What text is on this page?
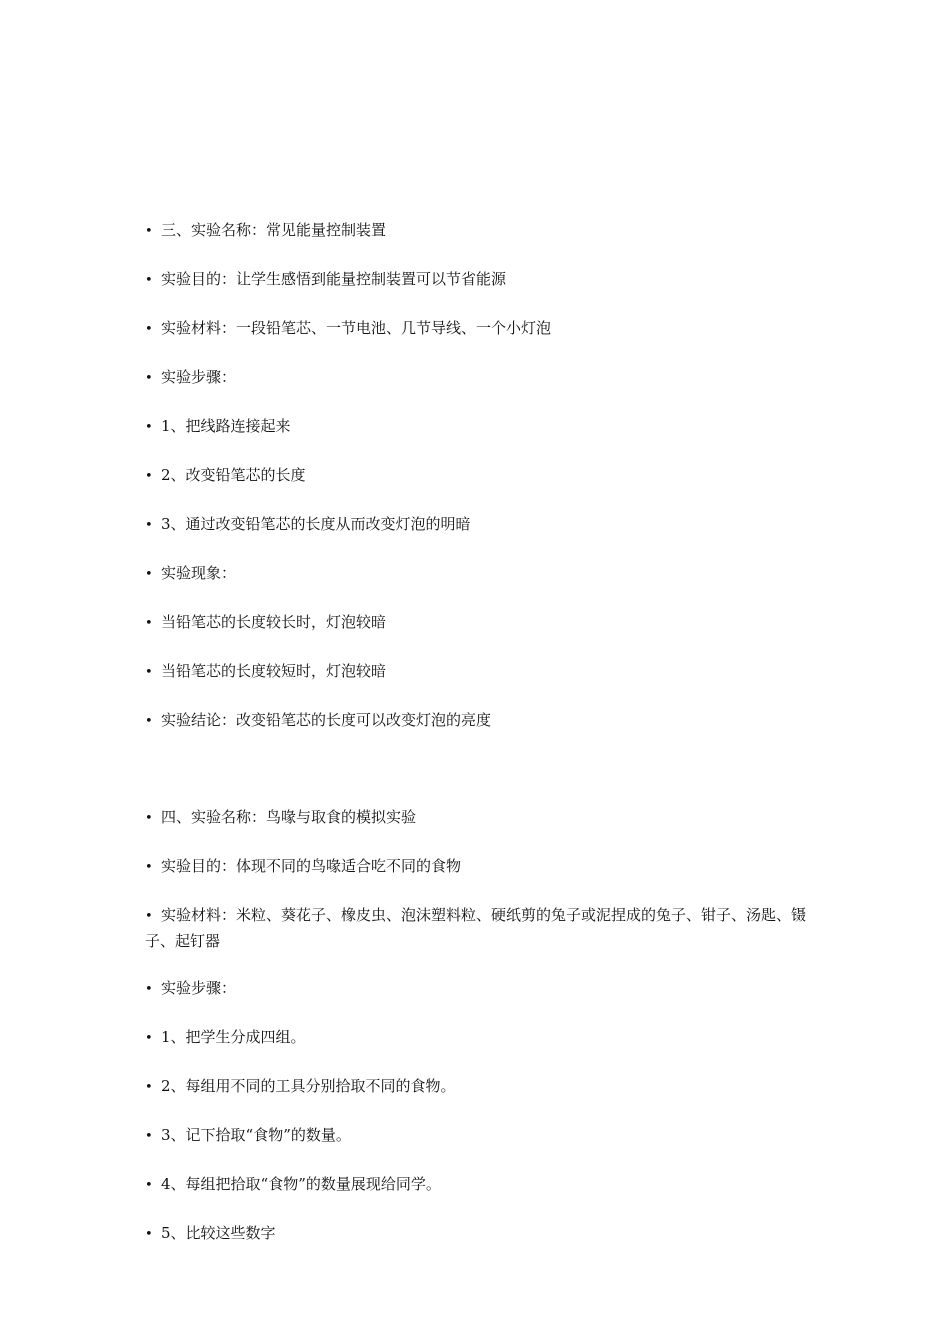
• 三、实验名称：常见能量控制装置

• 实验目的：让学生感悟到能量控制装置可以节省能源

• 实验材料：一段铅笔芯、一节电池、几节导线、一个小灯泡

• 实验步骤：

• 1、把线路连接起来

• 2、改变铅笔芯的长度

• 3、通过改变铅笔芯的长度从而改变灯泡的明暗

• 实验现象：

• 当铅笔芯的长度较长时，灯泡较暗

• 当铅笔芯的长度较短时，灯泡较暗

• 实验结论：改变铅笔芯的长度可以改变灯泡的亮度

• 四、实验名称：鸟喙与取食的模拟实验

• 实验目的：体现不同的鸟喙适合吃不同的食物

• 实验材料：米粒、葵花子、橡皮虫、泡沫塑料粒、硬纸剪的兔子或泥捏成的兔子、钳子、汤匙、镊子、起钉器

• 实验步骤：

• 1、把学生分成四组。

• 2、每组用不同的工具分别拾取不同的食物。

• 3、记下拾取“食物”的数量。

• 4、每组把拾取“食物”的数量展现给同学。

• 5、比较这些数字
